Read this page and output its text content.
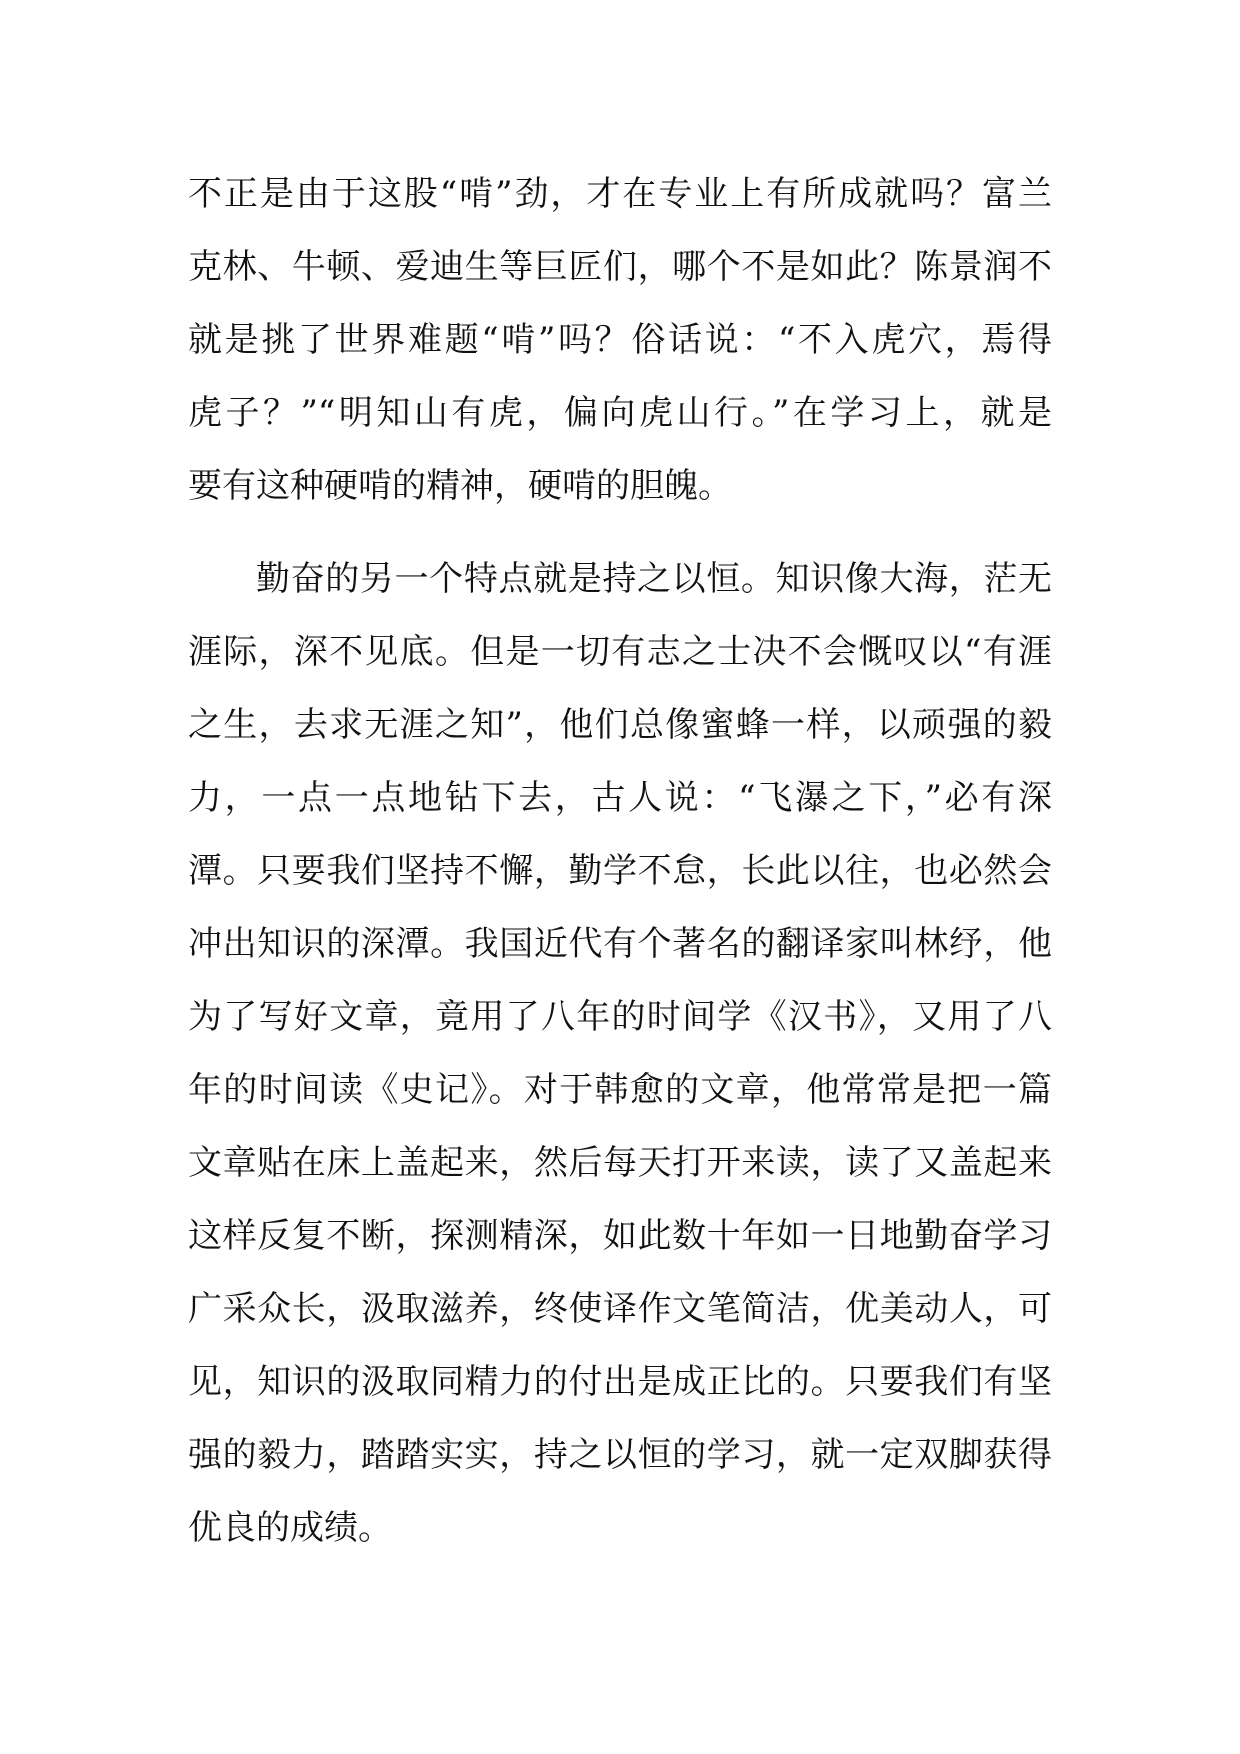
不正是由于这股“啃”劲，才在专业上有所成就吗？富兰
克林、牛顿、爱迪生等巨匠们，哪个不是如此？陈景润不
就是挑了世界难题“啃”吗？俗话说：“不入虎穴，焉得
虎子？”“明知山有虎，偏向虎山行。”在学习上，就是
要有这种硬啃的精神，硬啃的胆魄。
勤奋的另一个特点就是持之以恒。知识像大海，茫无
涯际，深不见底。但是一切有志之士决不会慨叹以“有涯
之生，去求无涯之知”，他们总像蜜蜂一样，以顽强的毅
力，一点一点地钻下去，古人说：“飞瀑之下，”必有深
潭。只要我们坚持不懈，勤学不怠，长此以往，也必然会
冲出知识的深潭。我国近代有个著名的翻译家叫林纾，他
为了写好文章，竟用了八年的时间学《汉书》，又用了八
年的时间读《史记》。对于韩愈的文章，他常常是把一篇
文章贴在床上盖起来，然后每天打开来读，读了又盖起来
这样反复不断，探测精深，如此数十年如一日地勤奋学习
广采众长，汲取滋养，终使译作文笔简洁，优美动人，可
见，知识的汲取同精力的付出是成正比的。只要我们有坚
强的毅力，踏踏实实，持之以恒的学习，就一定双脚获得
优良的成绩。
